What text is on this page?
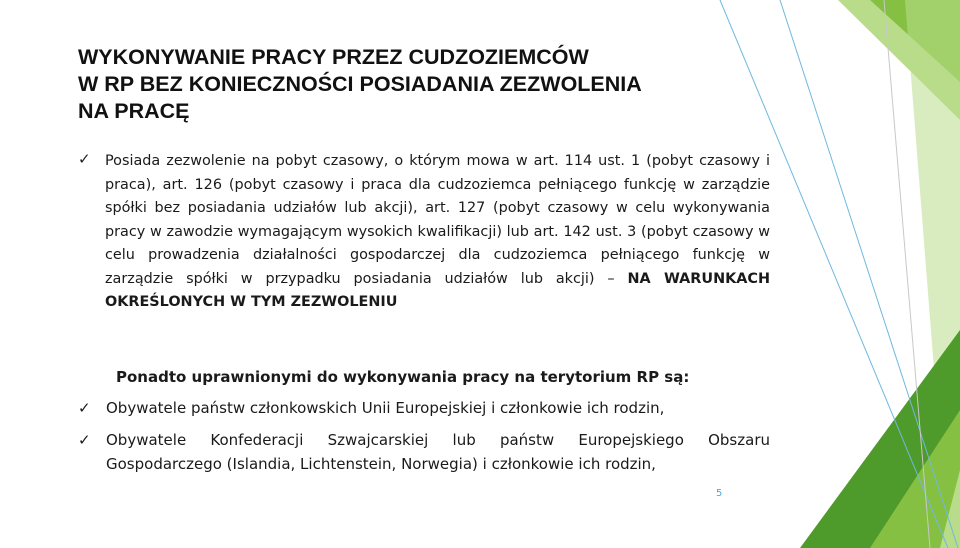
WYKONYWANIE PRACY PRZEZ CUDZOZIEMCÓW
W RP BEZ KONIECZNOŚCI POSIADANIA ZEZWOLENIA
NA PRACĘ
✓ Posiada zezwolenie na pobyt czasowy, o którym mowa w art. 114 ust. 1 (pobyt czasowy i praca), art. 126 (pobyt czasowy i praca dla cudzoziemca pełniącego funkcję w zarządzie spółki bez posiadania udziałów lub akcji), art. 127 (pobyt czasowy w celu wykonywania pracy w zawodzie wymagającym wysokich kwalifikacji) lub art. 142 ust. 3 (pobyt czasowy w celu prowadzenia działalności gospodarczej dla cudzoziemca pełniącego funkcję w zarządzie spółki w przypadku posiadania udziałów lub akcji) – NA WARUNKACH OKREŚLONYCH W TYM ZEZWOLENIU

Ponadto uprawnionymi do wykonywania pracy na terytorium RP są:

✓ Obywatele państw członkowskich Unii Europejskiej i członkowie ich rodzin,
✓ Obywatele Konfederacji Szwajcarskiej lub państw Europejskiego Obszaru Gospodarczego (Islandia, Lichtenstein, Norwegia) i członkowie ich rodzin,
5
